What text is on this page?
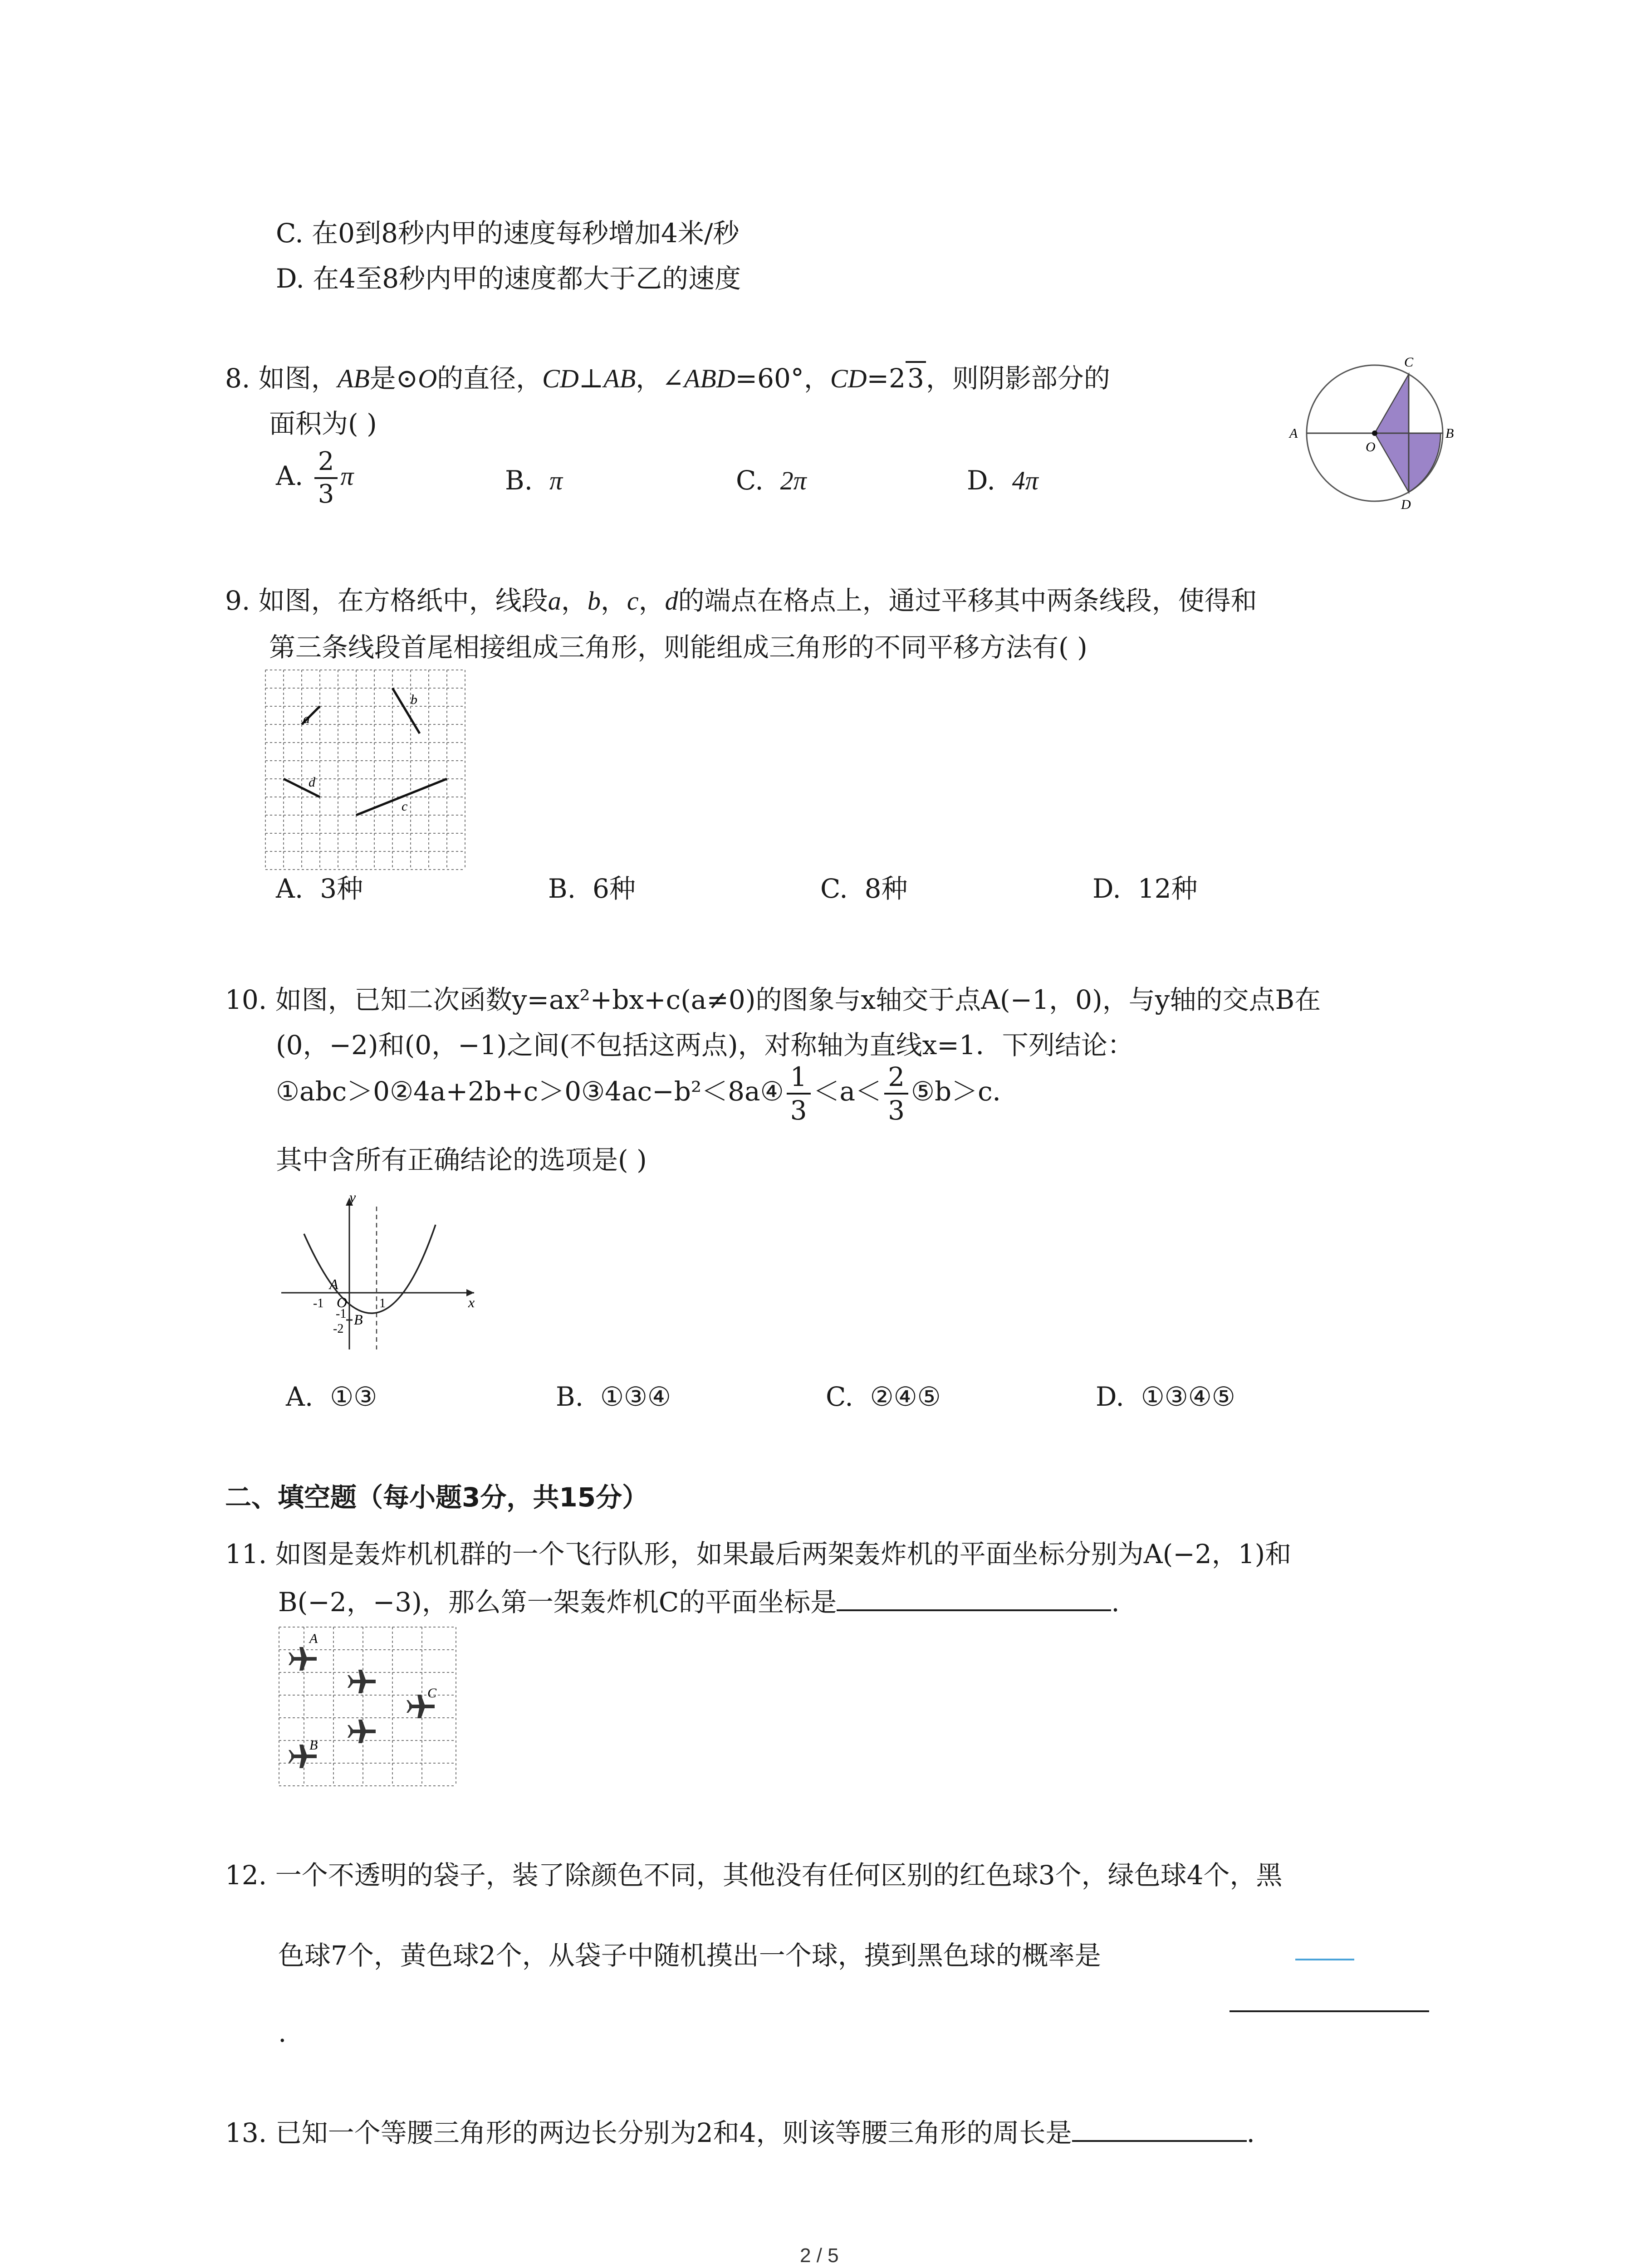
C. 在0到8秒内甲的速度每秒增加4米/秒
D. 在4至8秒内甲的速度都大于乙的速度
8. 如图，AB是⊙O的直径，CD⊥AB，∠ABD=60°，CD=23，则阴影部分的
面积为( )
A. $\frac{2}{3}$ π	B. π	C. 2π	D. 4π
A	B
C
D
O
9. 如图，在方格纸中，线段a，b，c，d的端点在格点上，通过平移其中两条线段，使得和
第三条线段首尾相接组成三角形，则能组成三角形的不同平移方法有( )
a
b
d
c
A. 3种	B. 6种	C. 8种	D. 12种
10. 如图，已知二次函数y=ax²+bx+c(a≠0)的图象与x轴交于点A(−1，0)，与y轴的交点B在
(0，−2)和(0，−1)之间(不包括这两点)，对称轴为直线x=1．下列结论：
①abc＞0②4a+2b+c＞0③4ac−b²＜8a④ $\frac{1}{3} <a< \frac{2}{3}$ ⑤b＞c．
其中含所有正确结论的选项是( )
y
x
A
O
-1	1
-1 B
-2
A. ①③	B. ①③④	C. ②④⑤	D. ①③④⑤
二、填空题（每小题3分，共15分）
11. 如图是轰炸机机群的一个飞行队形，如果最后两架轰炸机的平面坐标分别为A(−2，1)和
B(−2，−3)，那么第一架轰炸机C的平面坐标是	.
A
C
B
12. 一个不透明的袋子，装了除颜色不同，其他没有任何区别的红色球3个，绿色球4个，黑
色球7个，黄色球2个，从袋子中随机摸出一个球，摸到黑色球的概率是
.
13. 已知一个等腰三角形的两边长分别为2和4，则该等腰三角形的周长是	.
2 / 5
